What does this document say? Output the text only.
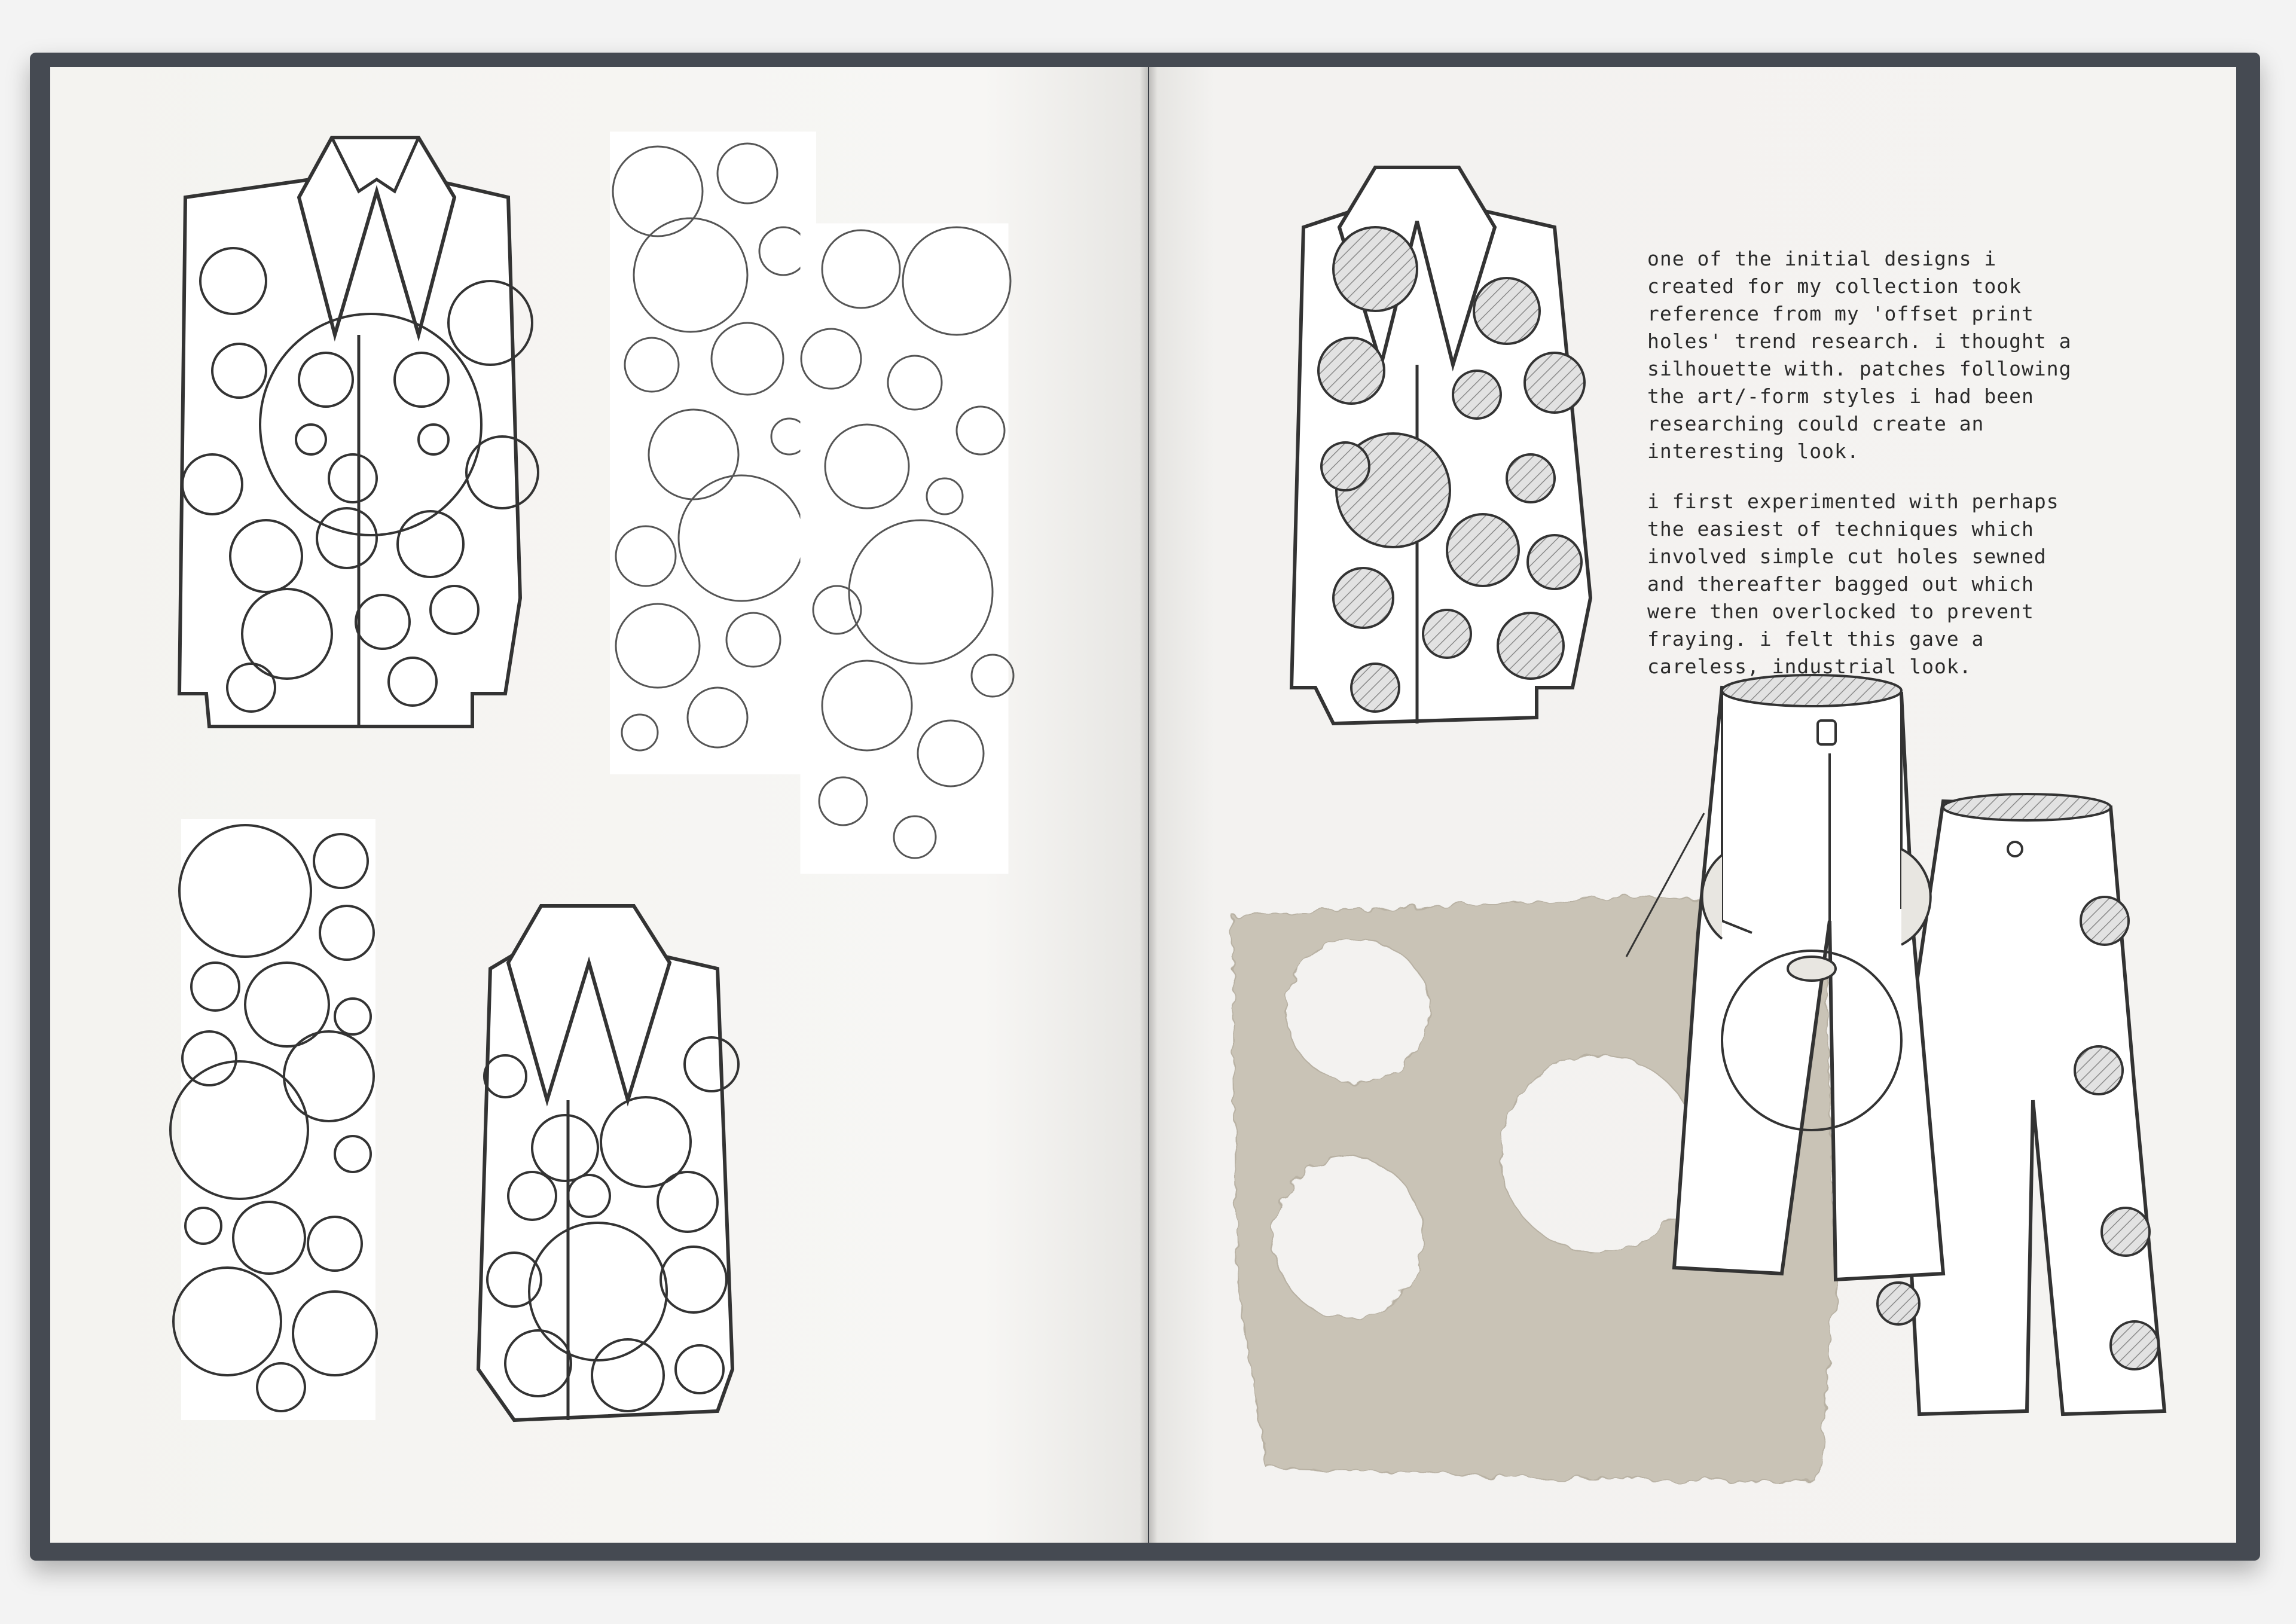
one of the initial designs i created for my collection took reference from my 'offset print holes' trend research. i thought a silhouette with. patches following the art/-form styles i had been researching could create an interesting look.

i first experimented with perhaps the easiest of techniques which involved simple cut holes sewned and thereafter bagged out which were then overlocked to prevent fraying. i felt this gave a careless, industrial look.
